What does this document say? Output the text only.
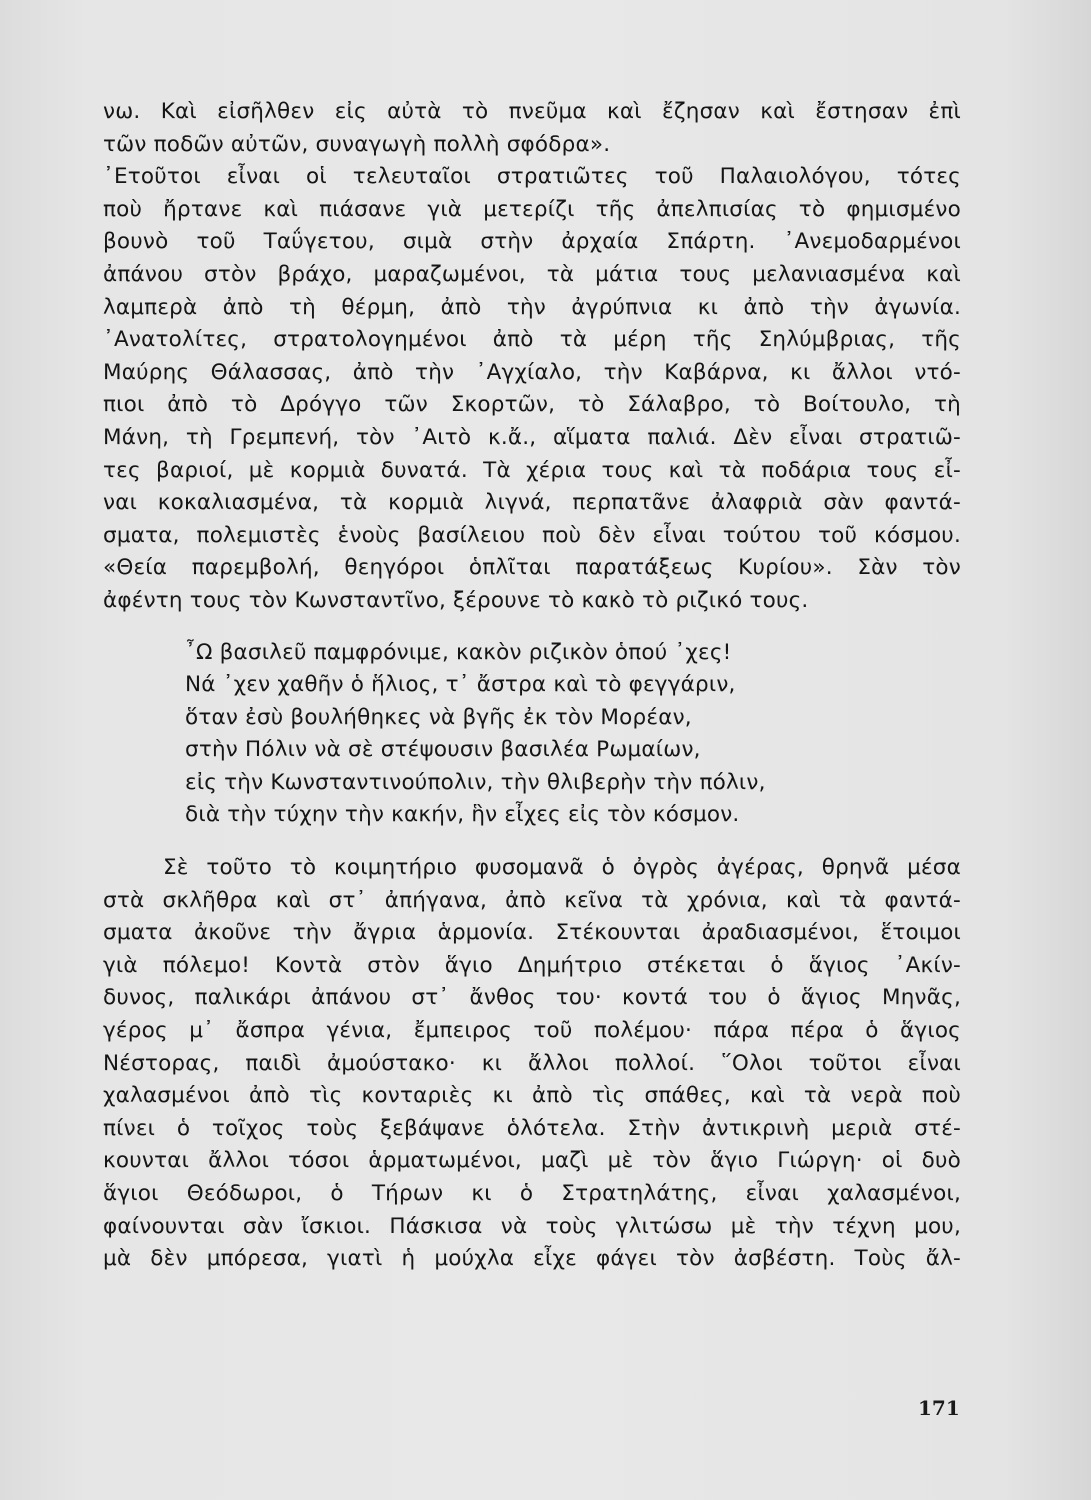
νω. Καὶ εἰσῆλθεν εἰς αὐτὰ τὸ πνεῦμα καὶ ἔζησαν καὶ ἔστησαν ἐπὶ

τῶν ποδῶν αὐτῶν, συναγωγὴ πολλὴ σφόδρα».

᾿Ετοῦτοι εἶναι οἱ τελευταῖοι στρατιῶτες τοῦ Παλαιολόγου, τότες

ποὺ ἤρτανε καὶ πιάσανε γιὰ μετερίζι τῆς ἀπελπισίας τὸ φημισμένο

βουνὸ τοῦ Ταΰγετου, σιμὰ στὴν ἀρχαία Σπάρτη. ᾿Ανεμοδαρμένοι

ἀπάνου στὸν βράχο, μαραζωμένοι, τὰ μάτια τους μελανιασμένα καὶ

λαμπερὰ ἀπὸ τὴ θέρμη, ἀπὸ τὴν ἀγρύπνια κι ἀπὸ τὴν ἀγωνία.

᾿Ανατολίτες, στρατολογημένοι ἀπὸ τὰ μέρη τῆς Σηλύμβριας, τῆς

Μαύρης Θάλασσας, ἀπὸ τὴν ᾿Αγχίαλο, τὴν Καβάρνα, κι ἄλλοι ντό-

πιοι ἀπὸ τὸ Δρόγγο τῶν Σκορτῶν, τὸ Σάλαβρο, τὸ Βοίτουλο, τὴ

Μάνη, τὴ Γρεμπενή, τὸν ᾿Αιτὸ κ.ἄ., αἵματα παλιά. Δὲν εἶναι στρατιῶ-

τες βαριοί, μὲ κορμιὰ δυνατά. Τὰ χέρια τους καὶ τὰ ποδάρια τους εἶ-

ναι κοκαλιασμένα, τὰ κορμιὰ λιγνά, περπατᾶνε ἀλαφριὰ σὰν φαντά-

σματα, πολεμιστὲς ἑνοὺς βασίλειου ποὺ δὲν εἶναι τούτου τοῦ κόσμου.

«Θεία παρεμβολή, θεηγόροι ὁπλῖται παρατάξεως Κυρίου». Σὰν τὸν

ἀφέντη τους τὸν Κωνσταντῖνο, ξέρουνε τὸ κακὸ τὸ ριζικό τους.

῏Ω βασιλεῦ παμφρόνιμε, κακὸν ριζικὸν ὁπού ᾿χες!

Νά ᾿χεν χαθῆν ὁ ἥλιος, τ᾿ ἄστρα καὶ τὸ φεγγάριν,

ὅταν ἐσὺ βουλήθηκες νὰ βγῆς ἐκ τὸν Μορέαν,

στὴν Πόλιν νὰ σὲ στέψουσιν βασιλέα Ρωμαίων,

εἰς τὴν Κωνσταντινούπολιν, τὴν θλιβερὴν τὴν πόλιν,

διὰ τὴν τύχην τὴν κακήν, ἣν εἶχες εἰς τὸν κόσμον.

Σὲ τοῦτο τὸ κοιμητήριο φυσομανᾶ ὁ ὀγρὸς ἀγέρας, θρηνᾶ μέσα

στὰ σκλῆθρα καὶ στ᾿ ἀπήγανα, ἀπὸ κεῖνα τὰ χρόνια, καὶ τὰ φαντά-

σματα ἀκοῦνε τὴν ἄγρια ἁρμονία. Στέκουνται ἀραδιασμένοι, ἕτοιμοι

γιὰ πόλεμο! Κοντὰ στὸν ἅγιο Δημήτριο στέκεται ὁ ἅγιος ᾿Ακίν-

δυνος, παλικάρι ἀπάνου στ᾿ ἄνθος του· κοντά του ὁ ἅγιος Μηνᾶς,

γέρος μ᾿ ἄσπρα γένια, ἔμπειρος τοῦ πολέμου· πάρα πέρα ὁ ἅγιος

Νέστορας, παιδὶ ἀμούστακο· κι ἄλλοι πολλοί. ῞Ολοι τοῦτοι εἶναι

χαλασμένοι ἀπὸ τὶς κονταριὲς κι ἀπὸ τὶς σπάθες, καὶ τὰ νερὰ ποὺ

πίνει ὁ τοῖχος τοὺς ξεβάψανε ὁλότελα. Στὴν ἀντικρινὴ μεριὰ στέ-

κουνται ἄλλοι τόσοι ἁρματωμένοι, μαζὶ μὲ τὸν ἅγιο Γιώργη· οἱ δυὸ

ἅγιοι Θεόδωροι, ὁ Τήρων κι ὁ Στρατηλάτης, εἶναι χαλασμένοι,

φαίνουνται σὰν ἴσκιοι. Πάσκισα νὰ τοὺς γλιτώσω μὲ τὴν τέχνη μου,

μὰ δὲν μπόρεσα, γιατὶ ἡ μούχλα εἶχε φάγει τὸν ἀσβέστη. Τοὺς ἄλ-

171
